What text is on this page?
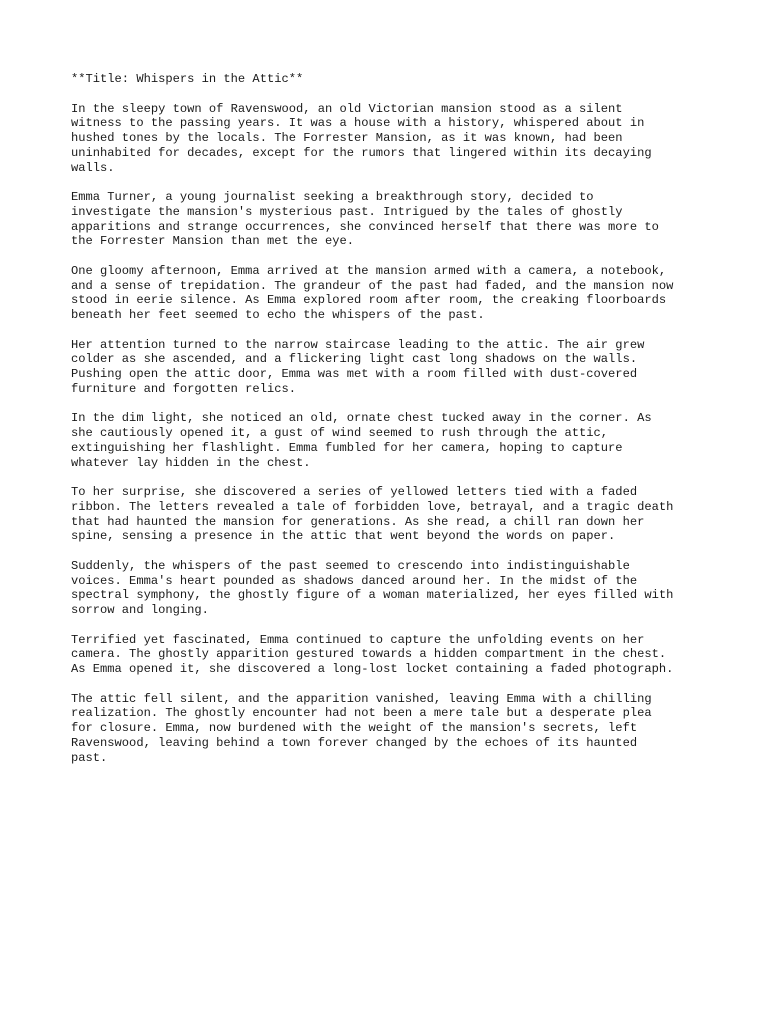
**Title: Whispers in the Attic**

In the sleepy town of Ravenswood, an old Victorian mansion stood as a silent
witness to the passing years. It was a house with a history, whispered about in
hushed tones by the locals. The Forrester Mansion, as it was known, had been
uninhabited for decades, except for the rumors that lingered within its decaying
walls.
Emma Turner, a young journalist seeking a breakthrough story, decided to
investigate the mansion's mysterious past. Intrigued by the tales of ghostly
apparitions and strange occurrences, she convinced herself that there was more to
the Forrester Mansion than met the eye.
One gloomy afternoon, Emma arrived at the mansion armed with a camera, a notebook,
and a sense of trepidation. The grandeur of the past had faded, and the mansion now
stood in eerie silence. As Emma explored room after room, the creaking floorboards
beneath her feet seemed to echo the whispers of the past.
Her attention turned to the narrow staircase leading to the attic. The air grew
colder as she ascended, and a flickering light cast long shadows on the walls.
Pushing open the attic door, Emma was met with a room filled with dust-covered
furniture and forgotten relics.
In the dim light, she noticed an old, ornate chest tucked away in the corner. As
she cautiously opened it, a gust of wind seemed to rush through the attic,
extinguishing her flashlight. Emma fumbled for her camera, hoping to capture
whatever lay hidden in the chest.
To her surprise, she discovered a series of yellowed letters tied with a faded
ribbon. The letters revealed a tale of forbidden love, betrayal, and a tragic death
that had haunted the mansion for generations. As she read, a chill ran down her
spine, sensing a presence in the attic that went beyond the words on paper.
Suddenly, the whispers of the past seemed to crescendo into indistinguishable
voices. Emma's heart pounded as shadows danced around her. In the midst of the
spectral symphony, the ghostly figure of a woman materialized, her eyes filled with
sorrow and longing.
Terrified yet fascinated, Emma continued to capture the unfolding events on her
camera. The ghostly apparition gestured towards a hidden compartment in the chest.
As Emma opened it, she discovered a long-lost locket containing a faded photograph.
The attic fell silent, and the apparition vanished, leaving Emma with a chilling
realization. The ghostly encounter had not been a mere tale but a desperate plea
for closure. Emma, now burdened with the weight of the mansion's secrets, left
Ravenswood, leaving behind a town forever changed by the echoes of its haunted
past.
